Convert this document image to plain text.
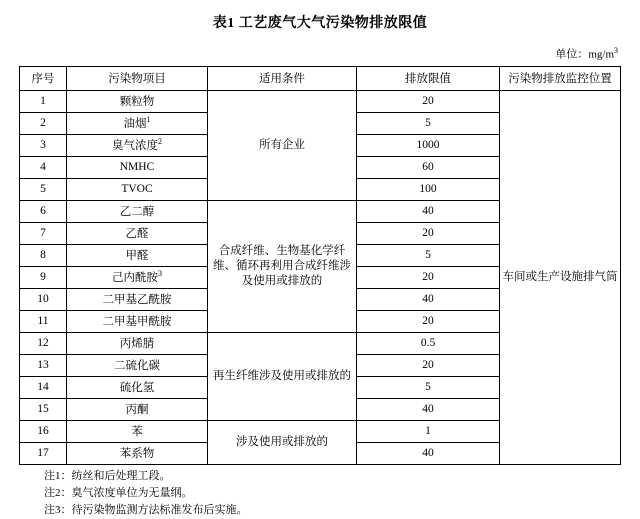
表1 工艺废气大气污染物排放限值
单位：$mg/m^3$
序号	污染物项目	适用条件	排放限值	污染物排放监控位置
1	颗粒物	所有企业	20	车间或生产设施排气筒
2	油烟$^1$		5	
3	臭气浓度$^2$		1000	
4	NMHC		60	
5	TVOC		100	
6	乙二醇	合成纤维、生物基化学纤维、循环再利用合成纤维涉及使用或排放的	40	
7	乙醛		20	
8	甲醛		5	
9	己内酰胺$^3$		20	
10	二甲基乙酰胺		40	
11	二甲基甲酰胺		20	
12	丙烯腈	再生纤维涉及使用或排放的	0.5	
13	二硫化碳		20	
14	硫化氢		5	
15	丙酮		40	
16	苯	涉及使用或排放的	1	
17	苯系物		40	
注1：纺丝和后处理工段。
注2：臭气浓度单位为无量纲。
注3：待污染物监测方法标准发布后实施。
